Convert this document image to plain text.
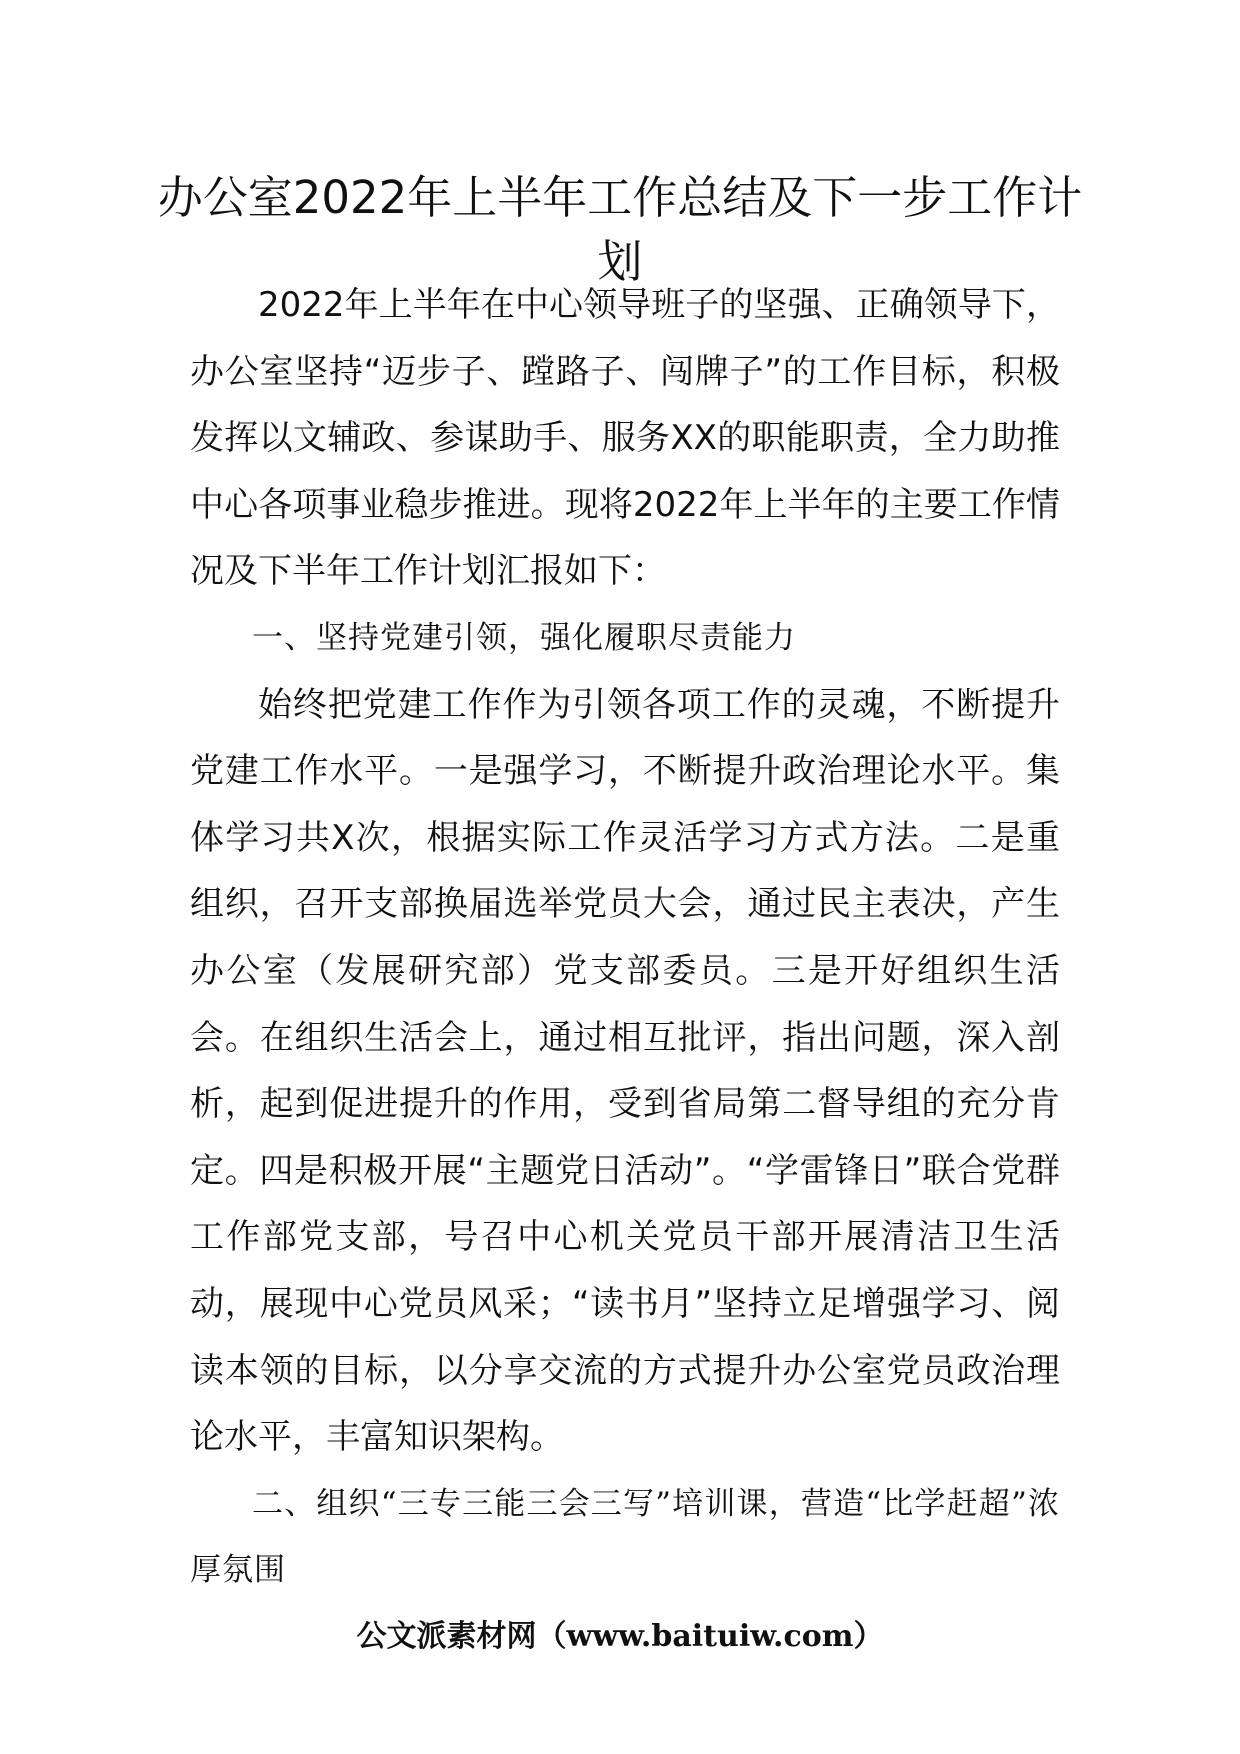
办公室2022年上半年工作总结及下一步工作计划

2022年上半年在中心领导班子的坚强、正确领导下，办公室坚持“迈步子、蹚路子、闯牌子”的工作目标，积极发挥以文辅政、参谋助手、服务XX的职能职责，全力助推中心各项事业稳步推进。现将2022年上半年的主要工作情况及下半年工作计划汇报如下：

一、坚持党建引领，强化履职尽责能力

始终把党建工作作为引领各项工作的灵魂，不断提升党建工作水平。一是强学习，不断提升政治理论水平。集体学习共X次，根据实际工作灵活学习方式方法。二是重组织，召开支部换届选举党员大会，通过民主表决，产生办公室（发展研究部）党支部委员。三是开好组织生活会。在组织生活会上，通过相互批评，指出问题，深入剖析，起到促进提升的作用，受到省局第二督导组的充分肯定。四是积极开展“主题党日活动”。“学雷锋日”联合党群工作部党支部，号召中心机关党员干部开展清洁卫生活动，展现中心党员风采；“读书月”坚持立足增强学习、阅读本领的目标，以分享交流的方式提升办公室党员政治理论水平，丰富知识架构。

二、组织“三专三能三会三写”培训课，营造“比学赶超”浓厚氛围

公文派素材网（www.baituiw.com）
